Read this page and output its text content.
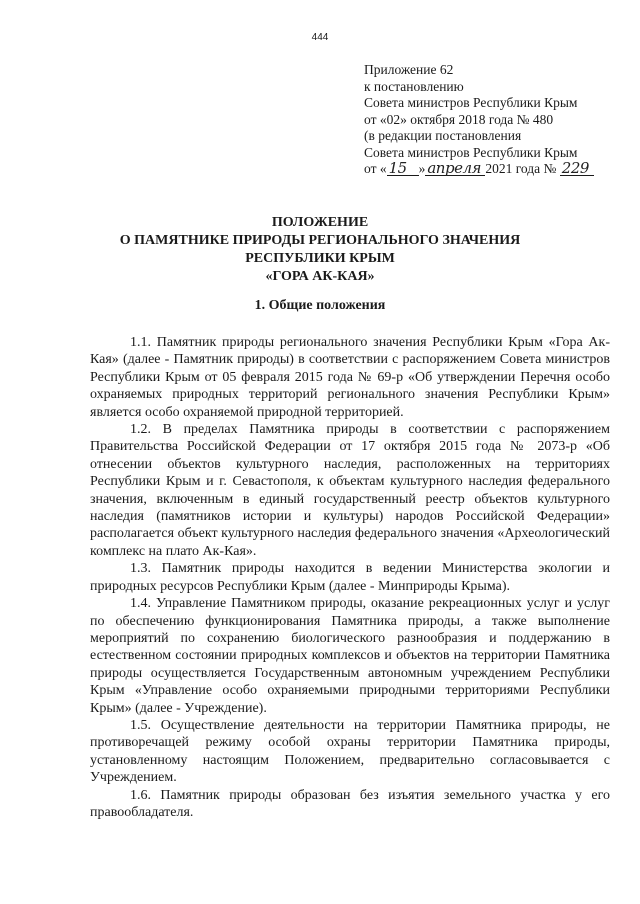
444
Приложение 62
к постановлению
Совета министров Республики Крым
от «02» октября 2018 года № 480
(в редакции постановления
Совета министров Республики Крым
от « 15 » апреля 2021 года № 229
ПОЛОЖЕНИЕ
О ПАМЯТНИКЕ ПРИРОДЫ РЕГИОНАЛЬНОГО ЗНАЧЕНИЯ
РЕСПУБЛИКИ КРЫМ
«ГОРА АК-КАЯ»
1. Общие положения

1.1. Памятник природы регионального значения Республики Крым «Гора Ак-Кая» (далее - Памятник природы) в соответствии с распоряжением Совета министров Республики Крым от 05 февраля 2015 года № 69-р «Об утверждении Перечня особо охраняемых природных территорий регионального значения Республики Крым» является особо охраняемой природной территорией.

1.2. В пределах Памятника природы в соответствии с распоряжением Правительства Российской Федерации от 17 октября 2015 года № 2073-р «Об отнесении объектов культурного наследия, расположенных на территориях Республики Крым и г. Севастополя, к объектам культурного наследия федерального значения, включенным в единый государственный реестр объектов культурного наследия (памятников истории и культуры) народов Российской Федерации» располагается объект культурного наследия федерального значения «Археологический комплекс на плато Ак-Кая».

1.3. Памятник природы находится в ведении Министерства экологии и природных ресурсов Республики Крым (далее - Минприроды Крыма).

1.4. Управление Памятником природы, оказание рекреационных услуг и услуг по обеспечению функционирования Памятника природы, а также выполнение мероприятий по сохранению биологического разнообразия и поддержанию в естественном состоянии природных комплексов и объектов на территории Памятника природы осуществляется Государственным автономным учреждением Республики Крым «Управление особо охраняемыми природными территориями Республики Крым» (далее - Учреждение).

1.5. Осуществление деятельности на территории Памятника природы, не противоречащей режиму особой охраны территории Памятника природы, установленному настоящим Положением, предварительно согласовывается с Учреждением.

1.6. Памятник природы образован без изъятия земельного участка у его правообладателя.
